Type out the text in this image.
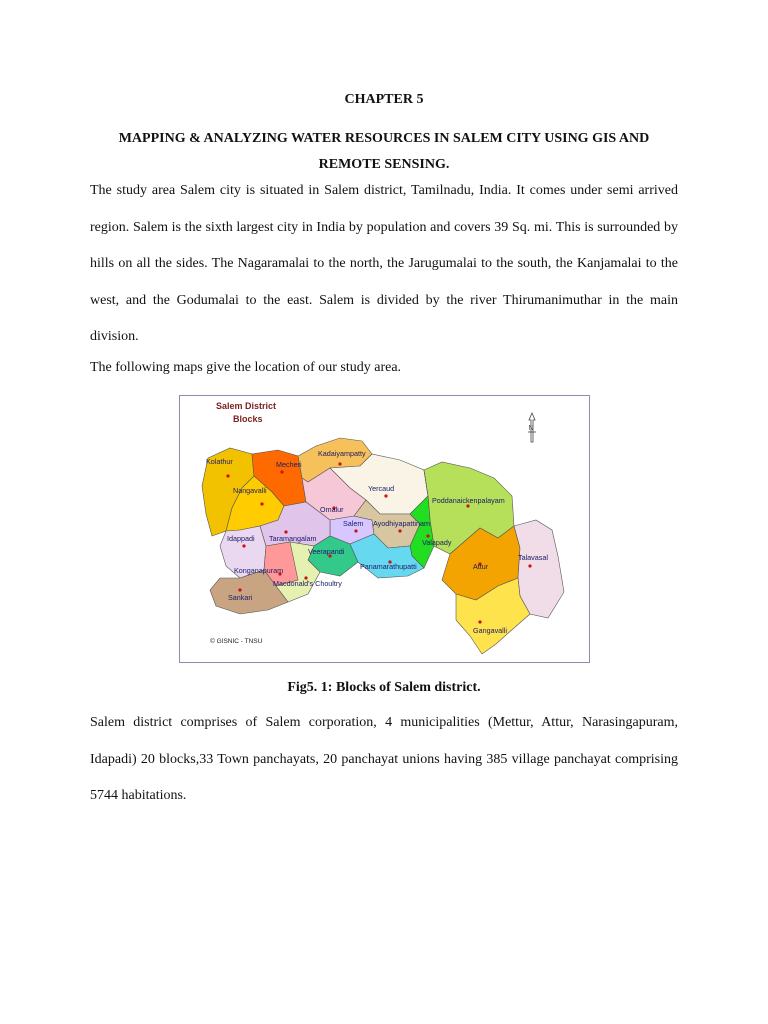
CHAPTER 5
MAPPING & ANALYZING WATER RESOURCES IN SALEM CITY USING GIS AND REMOTE SENSING.

The study area Salem city is situated in Salem district, Tamilnadu, India. It comes under semi arrived region. Salem is the sixth largest city in India by population and covers 39 Sq. mi. This is surrounded by hills on all the sides. The Nagaramalai to the north, the Jarugumalai to the south, the Kanjamalai to the west, and the Godumalai to the east. Salem is divided by the river Thirumanimuthar in the main division.

The following maps give the location of our study area.

Salem District
Blocks
N
Kolathur	Mecheri
Kadaiyampatty
Nangavalli	Yercaud
Omalur
Poddanaickenpalayam
Salem Ayodhiyapattinam
Idappadi Taramangalam	Valapady
Veerapandi
Panamarathupatti	Attur
Talavasal
Konganapuram
Macdonald's Choultry
Sankari
Gangavalli
© GISNIC - TNSU
Fig5. 1: Blocks of Salem district.

Salem district comprises of Salem corporation, 4 municipalities (Mettur, Attur, Narasingapuram, Idapadi) 20 blocks,33 Town panchayats, 20 panchayat unions having 385 village panchayat comprising 5744 habitations.
